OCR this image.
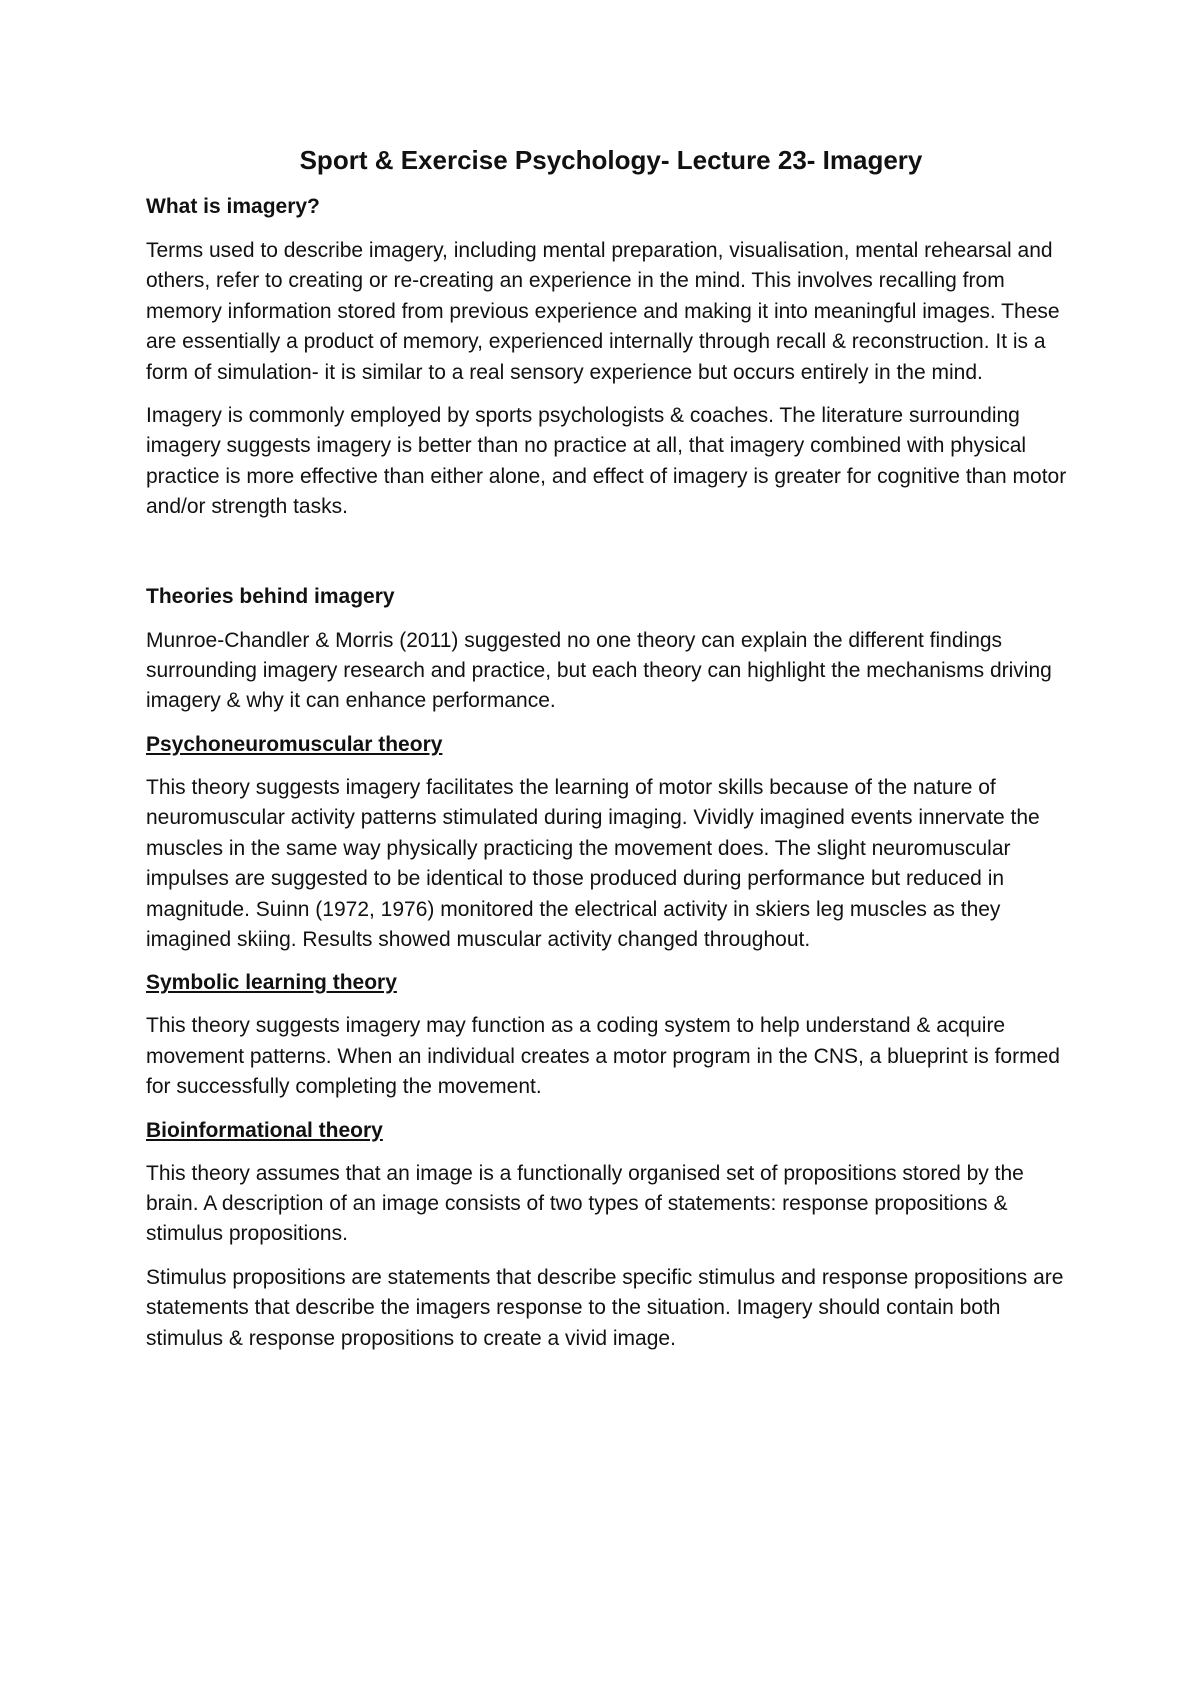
Sport & Exercise Psychology- Lecture 23- Imagery
What is imagery?

Terms used to describe imagery, including mental preparation, visualisation, mental rehearsal and others, refer to creating or re-creating an experience in the mind. This involves recalling from memory information stored from previous experience and making it into meaningful images. These are essentially a product of memory, experienced internally through recall & reconstruction. It is a form of simulation- it is similar to a real sensory experience but occurs entirely in the mind.

Imagery is commonly employed by sports psychologists & coaches. The literature surrounding imagery suggests imagery is better than no practice at all, that imagery combined with physical practice is more effective than either alone, and effect of imagery is greater for cognitive than motor and/or strength tasks.

Theories behind imagery

Munroe-Chandler & Morris (2011) suggested no one theory can explain the different findings surrounding imagery research and practice, but each theory can highlight the mechanisms driving imagery & why it can enhance performance.

Psychoneuromuscular theory

This theory suggests imagery facilitates the learning of motor skills because of the nature of neuromuscular activity patterns stimulated during imaging. Vividly imagined events innervate the muscles in the same way physically practicing the movement does. The slight neuromuscular impulses are suggested to be identical to those produced during performance but reduced in magnitude. Suinn (1972, 1976) monitored the electrical activity in skiers leg muscles as they imagined skiing. Results showed muscular activity changed throughout.

Symbolic learning theory

This theory suggests imagery may function as a coding system to help understand & acquire movement patterns. When an individual creates a motor program in the CNS, a blueprint is formed for successfully completing the movement.

Bioinformational theory

This theory assumes that an image is a functionally organised set of propositions stored by the brain. A description of an image consists of two types of statements: response propositions & stimulus propositions.

Stimulus propositions are statements that describe specific stimulus and response propositions are statements that describe the imagers response to the situation. Imagery should contain both stimulus & response propositions to create a vivid image.
